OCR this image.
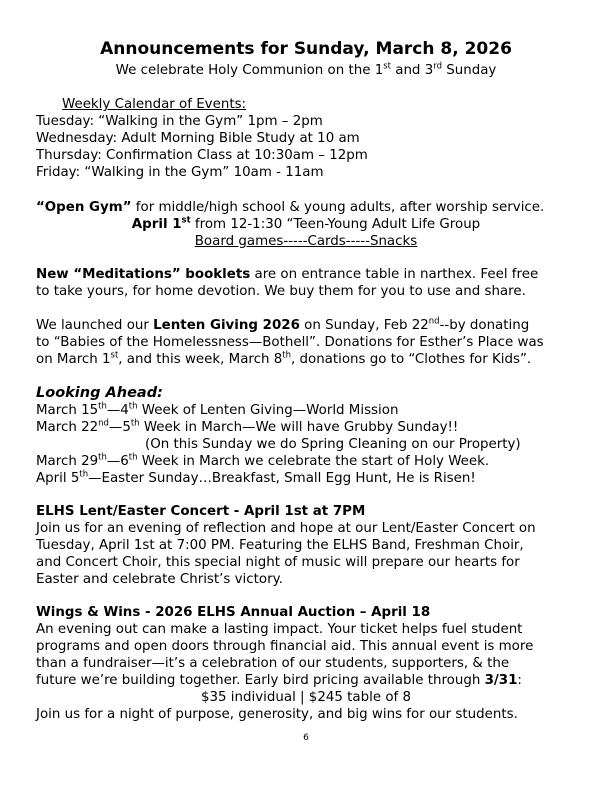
Announcements for Sunday, March 8, 2026
We celebrate Holy Communion on the 1st and 3rd Sunday
Weekly Calendar of Events:
Tuesday: “Walking in the Gym” 1pm – 2pm
Wednesday: Adult Morning Bible Study at 10 am
Thursday: Confirmation Class at 10:30am – 12pm
Friday: “Walking in the Gym” 10am - 11am
“Open Gym” for middle/high school & young adults, after worship service.
April 1st from 12-1:30 “Teen-Young Adult Life Group
Board games-----Cards-----Snacks
New “Meditations” booklets are on entrance table in narthex. Feel free
to take yours, for home devotion. We buy them for you to use and share.
We launched our Lenten Giving 2026 on Sunday, Feb 22nd--by donating
to “Babies of the Homelessness—Bothell”. Donations for Esther’s Place was
on March 1st, and this week, March 8th, donations go to “Clothes for Kids”.
Looking Ahead:
March 15th—4th Week of Lenten Giving—World Mission
March 22nd—5th Week in March—We will have Grubby Sunday!!
(On this Sunday we do Spring Cleaning on our Property)
March 29th—6th Week in March we celebrate the start of Holy Week.
April 5th—Easter Sunday…Breakfast, Small Egg Hunt, He is Risen!
ELHS Lent/Easter Concert - April 1st at 7PM
Join us for an evening of reflection and hope at our Lent/Easter Concert on
Tuesday, April 1st at 7:00 PM. Featuring the ELHS Band, Freshman Choir,
and Concert Choir, this special night of music will prepare our hearts for
Easter and celebrate Christ’s victory.
Wings & Wins - 2026 ELHS Annual Auction – April 18
An evening out can make a lasting impact. Your ticket helps fuel student
programs and open doors through financial aid. This annual event is more
than a fundraiser—it’s a celebration of our students, supporters, & the
future we’re building together. Early bird pricing available through 3/31:
$35 individual | $245 table of 8
Join us for a night of purpose, generosity, and big wins for our students.
6
